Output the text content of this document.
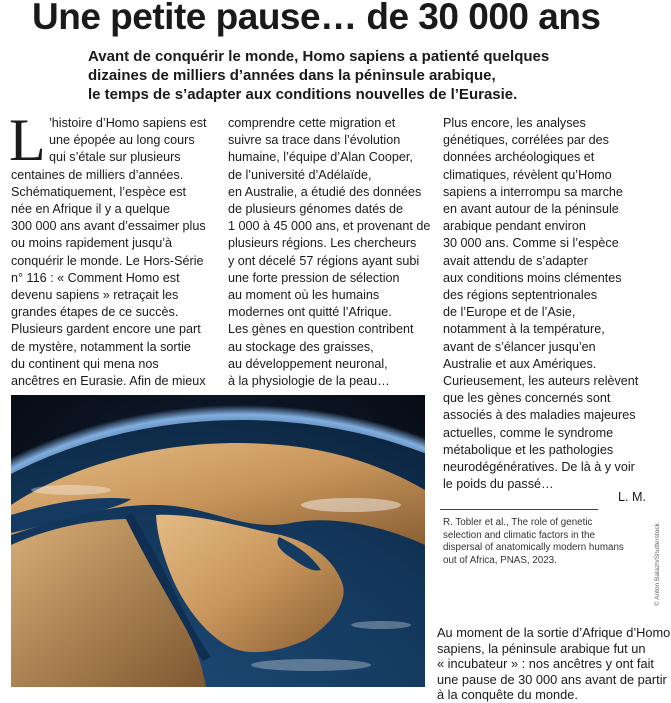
Une petite pause… de 30 000 ans

Avant de conquérir le monde, Homo sapiens a patienté quelques

dizaines de milliers d’années dans la péninsule arabique,

le temps de s’adapter aux conditions nouvelles de l’Eurasie.

L ’histoire d’Homo sapiens est

une épopée au long cours

qui s’étale sur plusieurs

centaines de milliers d’années.

Schématiquement, l’espèce est

née en Afrique il y a quelque

300 000 ans avant d’essaimer plus

ou moins rapidement jusqu’à

conquérir le monde. Le Hors-Série

n° 116 : « Comment Homo est

devenu sapiens » retraçait les

grandes étapes de ce succès.

Plusieurs gardent encore une part

de mystère, notamment la sortie

du continent qui mena nos

ancêtres en Eurasie. Afin de mieux

comprendre cette migration et

suivre sa trace dans l’évolution

humaine, l’équipe d’Alan Cooper,

de l’université d’Adélaïde,

en Australie, a étudié des données

de plusieurs génomes datés de

1 000 à 45 000 ans, et provenant de

plusieurs régions. Les chercheurs

y ont décelé 57 régions ayant subi

une forte pression de sélection

au moment où les humains

modernes ont quitté l’Afrique.

Les gènes en question contribent

au stockage des graisses,

au développement neuronal,

à la physiologie de la peau…

Plus encore, les analyses

génétiques, corrélées par des

données archéologiques et

climatiques, révèlent qu’Homo

sapiens a interrompu sa marche

en avant autour de la péninsule

arabique pendant environ

30 000 ans. Comme si l’espèce

avait attendu de s’adapter

aux conditions moins clémentes

des régions septentrionales

de l’Europe et de l’Asie,

notamment à la température,

avant de s’élancer jusqu’en

Australie et aux Amériques.

Curieusement, les auteurs relèvent

que les gènes concernés sont

associés à des maladies majeures

actuelles, comme le syndrome

métabolique et les pathologies

neurodégénératives. De là à y voir

le poids du passé…

L. M.

R. Tobler et al., The role of genetic

selection and climatic factors in the

dispersal of anatomically modern humans

out of Africa, PNAS, 2023.	© Anton Balazh/Shutterstock

Au moment de la sortie d’Afrique d’Homo

sapiens, la péninsule arabique fut un

« incubateur » : nos ancêtres y ont fait

une pause de 30 000 ans avant de partir

à la conquête du monde.
